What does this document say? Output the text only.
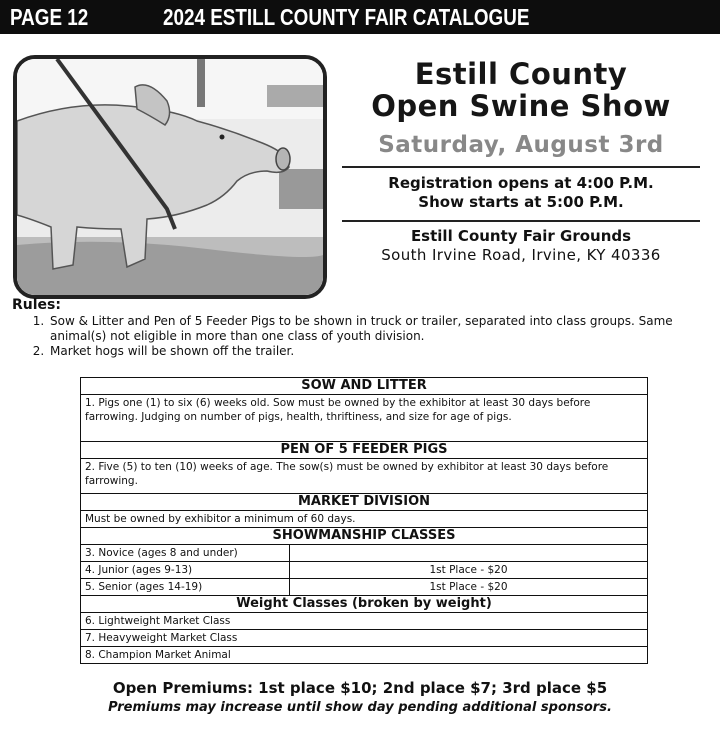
PAGE 12	2024 ESTILL COUNTY FAIR CATALOGUE
Estill County
Open Swine Show
Saturday, August 3rd
Registration opens at 4:00 P.M.
Show starts at 5:00 P.M.
Estill County Fair Grounds
South Irvine Road, Irvine, KY 40336
Rules:
1. Sow & Litter and Pen of 5 Feeder Pigs to be shown in truck or trailer, separated into class groups. Same animal(s) not eligible in more than one class of youth division.
2. Market hogs will be shown off the trailer.
SOW AND LITTER	
1. Pigs one (1) to six (6) weeks old. Sow must be owned by the exhibitor at least 30 days before farrowing. Judging on number of pigs, health, thriftiness, and size for age of pigs.	
PEN OF 5 FEEDER PIGS	
2. Five (5) to ten (10) weeks of age. The sow(s) must be owned by exhibitor at least 30 days before farrowing.	
MARKET DIVISION	
Must be owned by exhibitor a minimum of 60 days.	
SHOWMANSHIP CLASSES	
3. Novice (ages 8 and under)	
4. Junior (ages 9-13)	1st Place - $20
5. Senior (ages 14-19)	1st Place - $20
Weight Classes (broken by weight)	
6. Lightweight Market Class	
7. Heavyweight Market Class	
8. Champion Market Animal	
Open Premiums: 1st place $10; 2nd place $7; 3rd place $5
Premiums may increase until show day pending additional sponsors.
